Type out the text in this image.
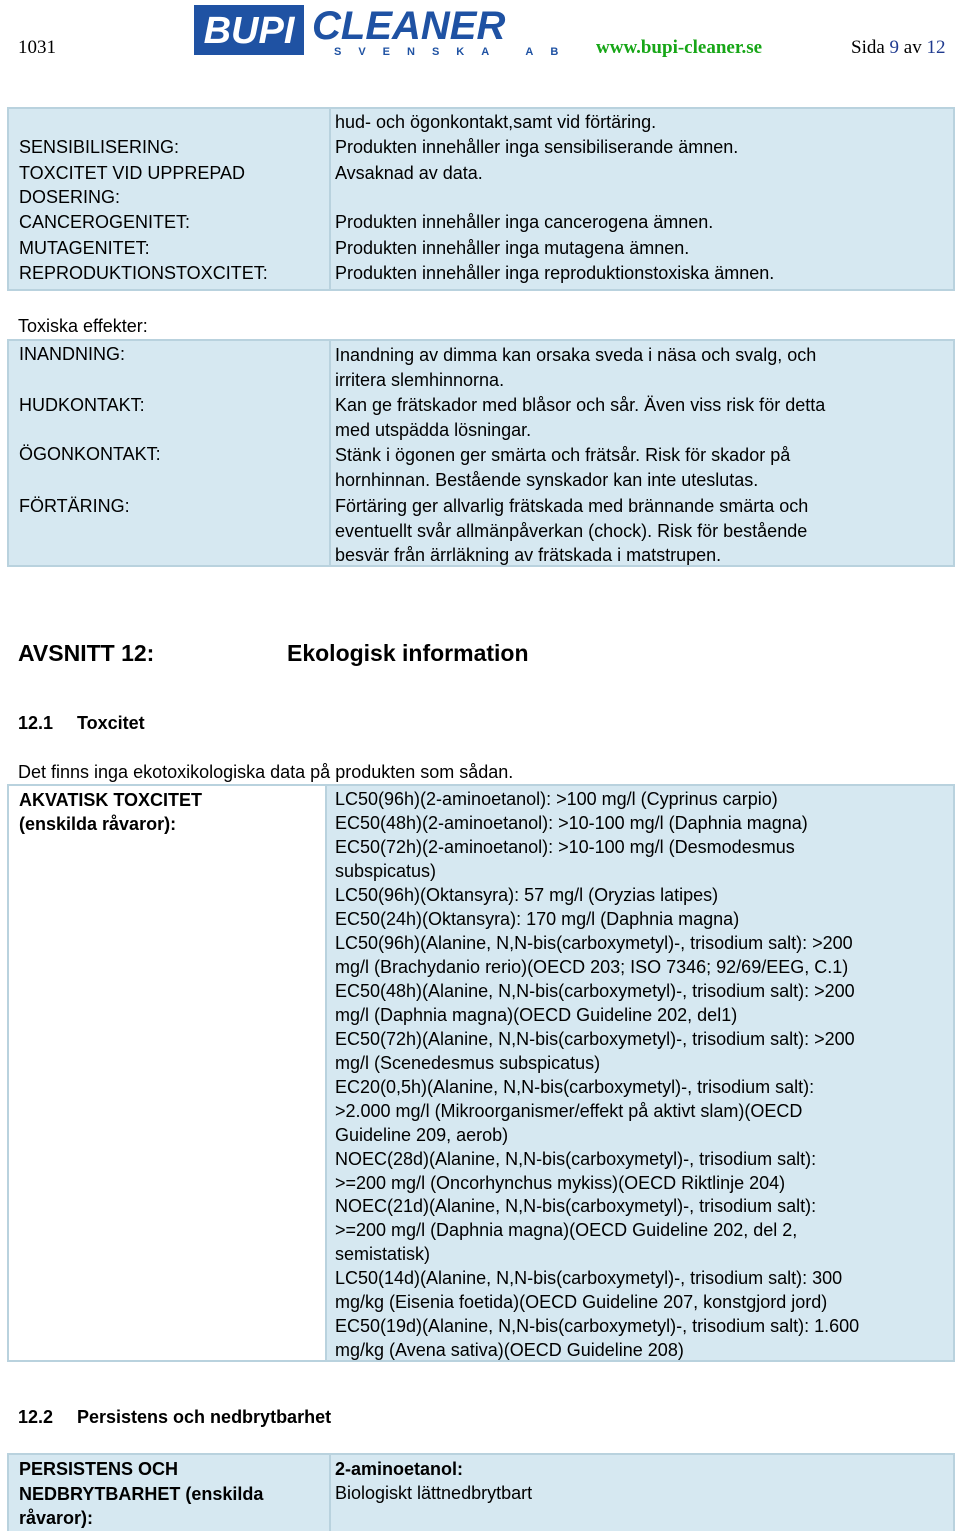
1031	BUPI CLEANER
SVENSKA AB www.bupi-cleaner.se	Sida 9 av 12
hud- och ögonkontakt,samt vid förtäring.
SENSIBILISERING:	Produkten innehåller inga sensibiliserande ämnen.
TOXCITET VID UPPREPAD	Avsaknad av data.
DOSERING:
CANCEROGENITET:	Produkten innehåller inga cancerogena ämnen.
MUTAGENITET:	Produkten innehåller inga mutagena ämnen.
REPRODUKTIONSTOXCITET:	Produkten innehåller inga reproduktionstoxiska ämnen.
Toxiska effekter:
INANDNING:	Inandning av dimma kan orsaka sveda i näsa och svalg, och
irritera slemhinnorna.
HUDKONTAKT:	Kan ge frätskador med blåsor och sår. Även viss risk för detta
med utspädda lösningar.
ÖGONKONTAKT:	Stänk i ögonen ger smärta och frätsår. Risk för skador på
hornhinnan. Bestående synskador kan inte uteslutas.
FÖRTÄRING:	Förtäring ger allvarlig frätskada med brännande smärta och
eventuellt svår allmänpåverkan (chock). Risk för bestående
besvär från ärrläkning av frätskada i matstrupen.
AVSNITT 12:	Ekologisk information
12.1 Toxcitet
Det finns inga ekotoxikologiska data på produkten som sådan.
AKVATISK TOXCITET
(enskilda råvaror):
LC50(96h)(2-aminoetanol): >100 mg/l (Cyprinus carpio)
EC50(48h)(2-aminoetanol): >10-100 mg/l (Daphnia magna)
EC50(72h)(2-aminoetanol): >10-100 mg/l (Desmodesmus
subspicatus)
LC50(96h)(Oktansyra): 57 mg/l (Oryzias latipes)
EC50(24h)(Oktansyra): 170 mg/l (Daphnia magna)
LC50(96h)(Alanine, N,N-bis(carboxymetyl)-, trisodium salt): >200
mg/l (Brachydanio rerio)(OECD 203; ISO 7346; 92/69/EEG, C.1)
EC50(48h)(Alanine, N,N-bis(carboxymetyl)-, trisodium salt): >200
mg/l (Daphnia magna)(OECD Guideline 202, del1)
EC50(72h)(Alanine, N,N-bis(carboxymetyl)-, trisodium salt): >200
mg/l (Scenedesmus subspicatus)
EC20(0,5h)(Alanine, N,N-bis(carboxymetyl)-, trisodium salt):
>2.000 mg/l (Mikroorganismer/effekt på aktivt slam)(OECD
Guideline 209, aerob)
NOEC(28d)(Alanine, N,N-bis(carboxymetyl)-, trisodium salt):
>=200 mg/l (Oncorhynchus mykiss)(OECD Riktlinje 204)
NOEC(21d)(Alanine, N,N-bis(carboxymetyl)-, trisodium salt):
>=200 mg/l (Daphnia magna)(OECD Guideline 202, del 2,
semistatisk)
LC50(14d)(Alanine, N,N-bis(carboxymetyl)-, trisodium salt): 300
mg/kg (Eisenia foetida)(OECD Guideline 207, konstgjord jord)
EC50(19d)(Alanine, N,N-bis(carboxymetyl)-, trisodium salt): 1.600
mg/kg (Avena sativa)(OECD Guideline 208)
12.2 Persistens och nedbrytbarhet
PERSISTENS OCH
NEDBRYTBARHET (enskilda
råvaror):
2-aminoetanol:
Biologiskt lättnedbrytbart
